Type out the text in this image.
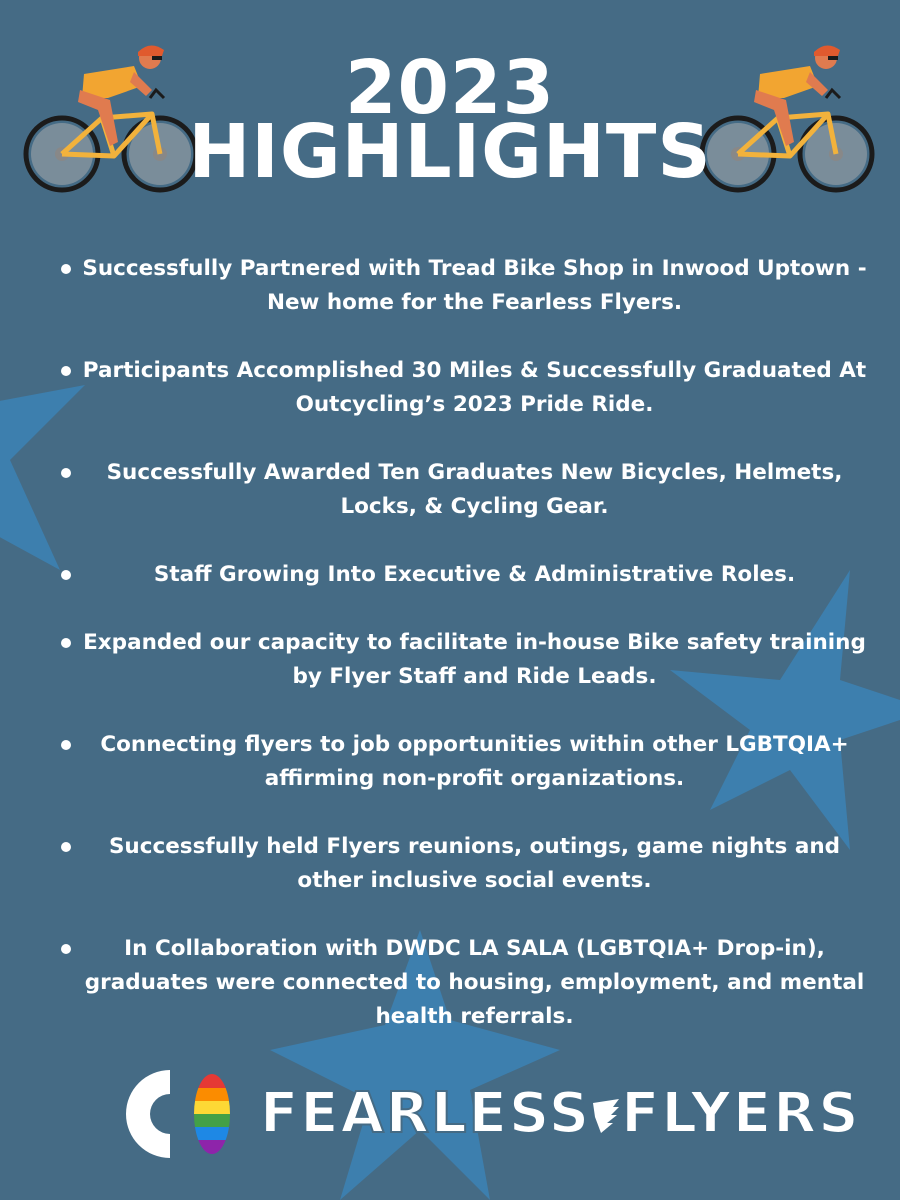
2023
HIGHLIGHTS
Successfully Partnered with Tread Bike Shop in Inwood Uptown - New home for the Fearless Flyers.
Participants Accomplished 30 Miles & Successfully Graduated At Outcycling’s 2023 Pride Ride.
Successfully Awarded Ten Graduates New Bicycles, Helmets, Locks, & Cycling Gear.
Staff Growing Into Executive & Administrative Roles.
Expanded our capacity to facilitate in-house Bike safety training by Flyer Staff and Ride Leads.
Connecting flyers to job opportunities within other LGBTQIA+ affirming non-profit organizations.
Successfully held Flyers reunions, outings, game nights and other inclusive social events.
In Collaboration with DWDC LA SALA (LGBTQIA+ Drop-in), graduates were connected to housing, employment, and mental health referrals.
FEARLESS FLYERS
